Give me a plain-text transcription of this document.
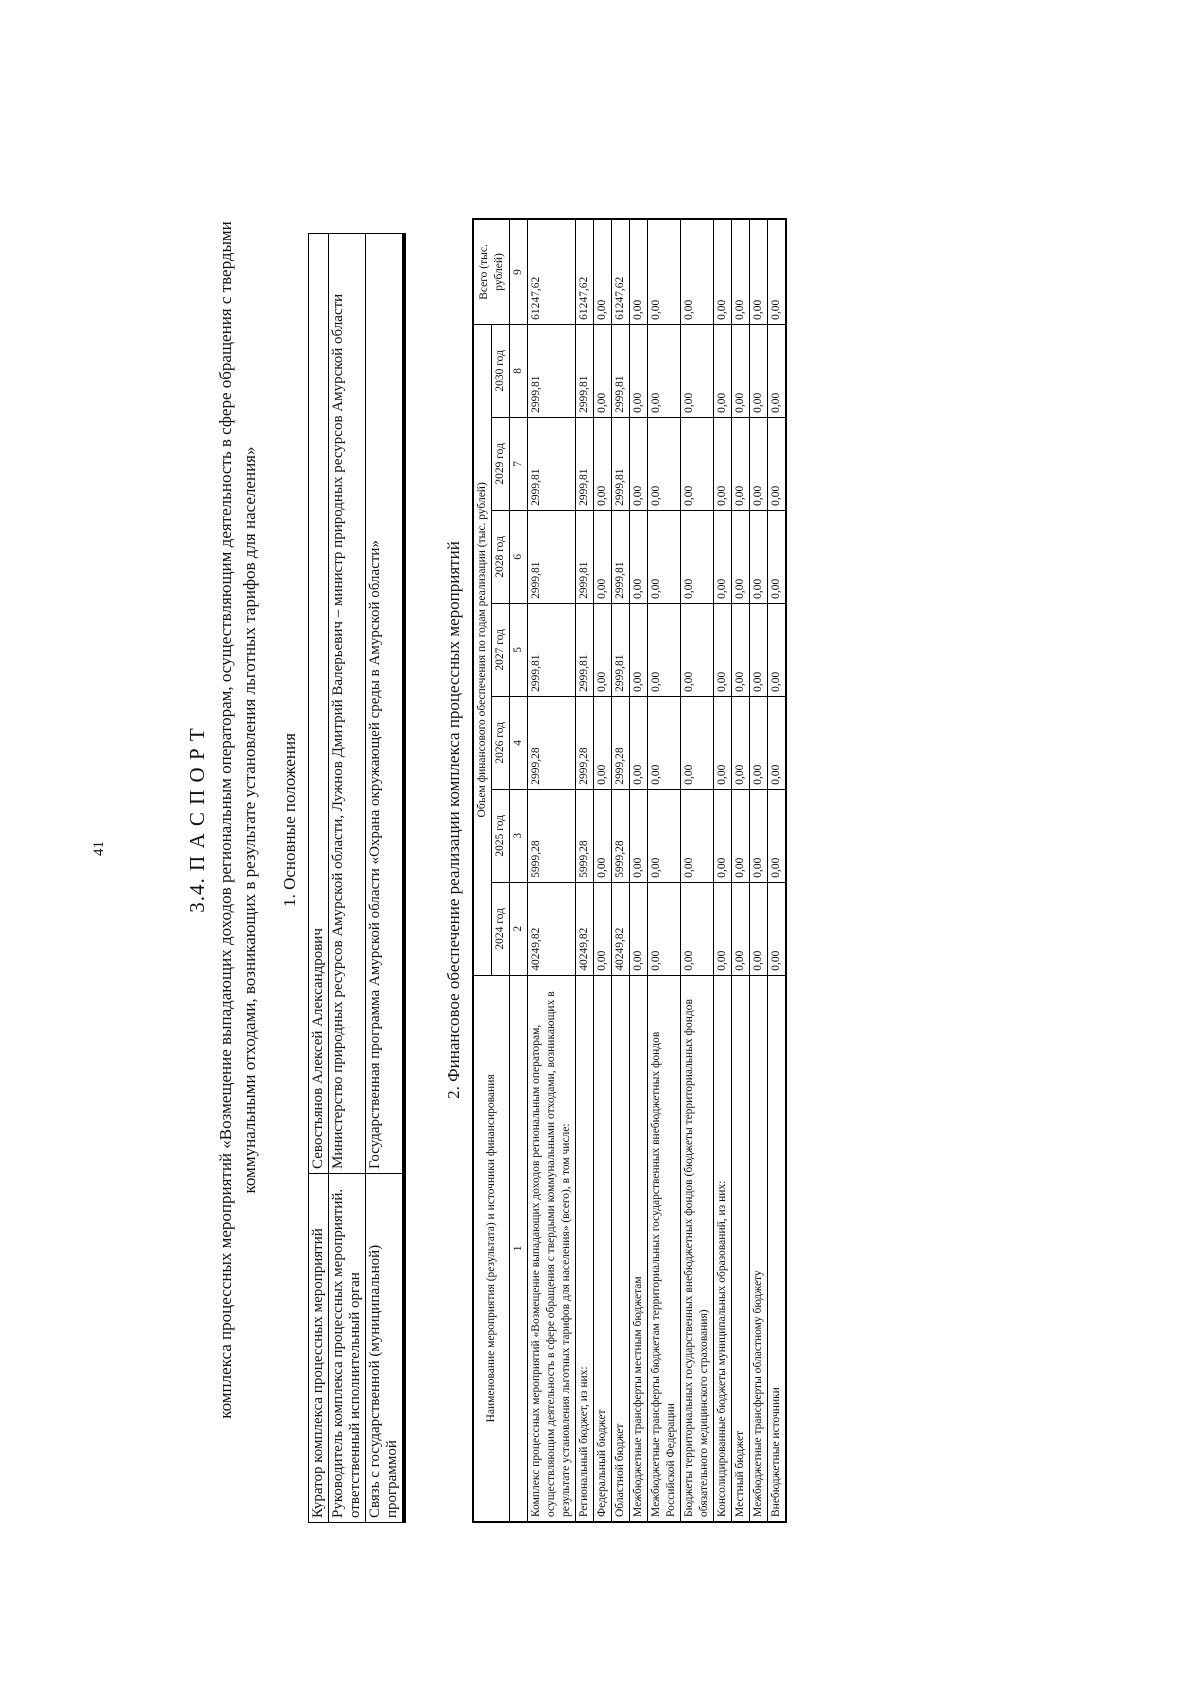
41	3.4. П А С П О Р Т комплекса процессных мероприятий «Возмещение выпадающих доходов региональным операторам, осуществляющим деятельность в сфере обращения с твердыми коммунальными отходами, возникающих в результате установления льготных тарифов для населения» 1. Основные положения
Куратор комплекса процессных мероприятий	Севостьянов Алексей Александрович
Руководитель комплекса процессных мероприятий. ответственный исполнительный орган	Министерство природных ресурсов Амурской области, Лужнов Дмитрий Валерьевич – министр природных ресурсов Амурской области
Связь с государственной (муниципальной) программой	Государственная программа Амурской области «Охрана окружающей среды в Амурской области»	2. Финансовое обеспечение реализации комплекса процессных мероприятий
Наименование мероприятия (результата) и источники финансирования	Объем финансового обеспечения по годам реализации (тыс. рублей)							Всего (тыс. рублей)
	2024 год	2025 год	2026 год	2027 год	2028 год	2029 год	2030 год	
1	2	3	4	5	6	7	8	9
Комплекс процессных мероприятий «Возмещение выпадающих доходов региональным операторам, осуществляющим деятельность в сфере обращения с твердыми коммунальными отходами, возникающих в результате установления льготных тарифов для населения» (всего), в том числе:	40249,82	5999,28	2999,28	2999,81	2999,81	2999,81	2999,81	61247,62
Региональный бюджет, из них:	40249,82	5999,28	2999,28	2999,81	2999,81	2999,81	2999,81	61247,62
Федеральный бюджет	0,00	0,00	0,00	0,00	0,00	0,00	0,00	0,00
Областной бюджет	40249,82	5999,28	2999,28	2999,81	2999,81	2999,81	2999,81	61247,62
Межбюджетные трансферты местным бюджетам	0,00	0,00	0,00	0,00	0,00	0,00	0,00	0,00
Межбюджетные трансферты бюджетам территориальных государственных внебюджетных фондов Российской Федерации	0,00	0,00	0,00	0,00	0,00	0,00	0,00	0,00
Бюджеты территориальных государственных внебюджетных фондов (бюджеты территориальных фондов обязательного медицинского страхования)	0,00	0,00	0,00	0,00	0,00	0,00	0,00	0,00
Консолидированные бюджеты муниципальных образований, из них:	0,00	0,00	0,00	0,00	0,00	0,00	0,00	0,00
Местный бюджет	0,00	0,00	0,00	0,00	0,00	0,00	0,00	0,00
Межбюджетные трансферты областному бюджету	0,00	0,00	0,00	0,00	0,00	0,00	0,00	0,00
Внебюджетные источники	0,00	0,00	0,00	0,00	0,00	0,00	0,00	0,00
